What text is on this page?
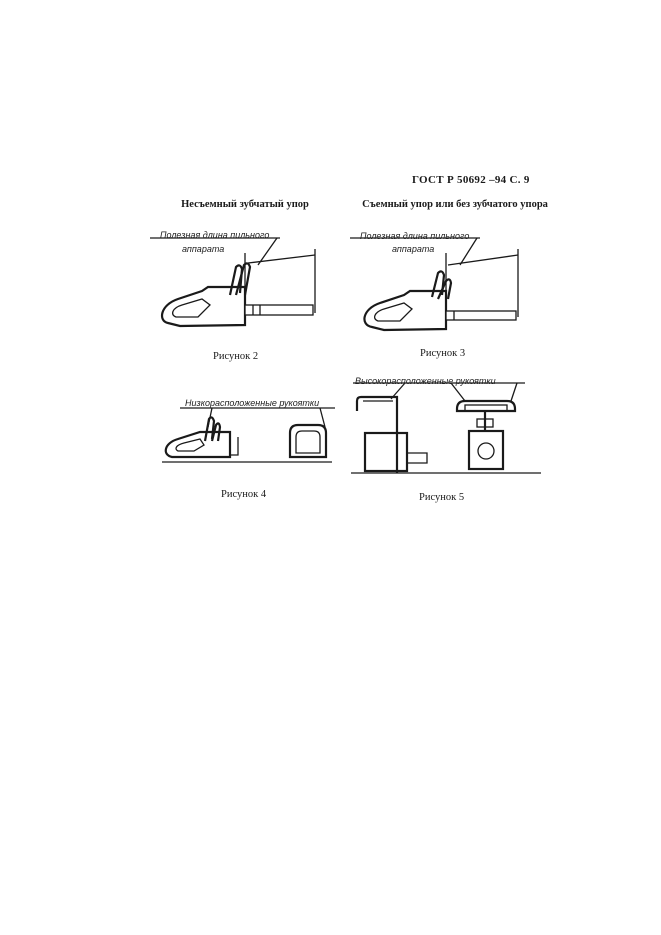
ГОСТ Р 50692 –94 С. 9
Несъемный зубчатый упор	Съемный упор или без зубчатого упора
Полезная длина пильного
аппарата
Рисунок 2
Полезная длина пильного
аппарата
Рисунок 3
Низкорасположенные рукоятки
Рисунок 4
Высокорасположенные рукоятки
Рисунок 5
